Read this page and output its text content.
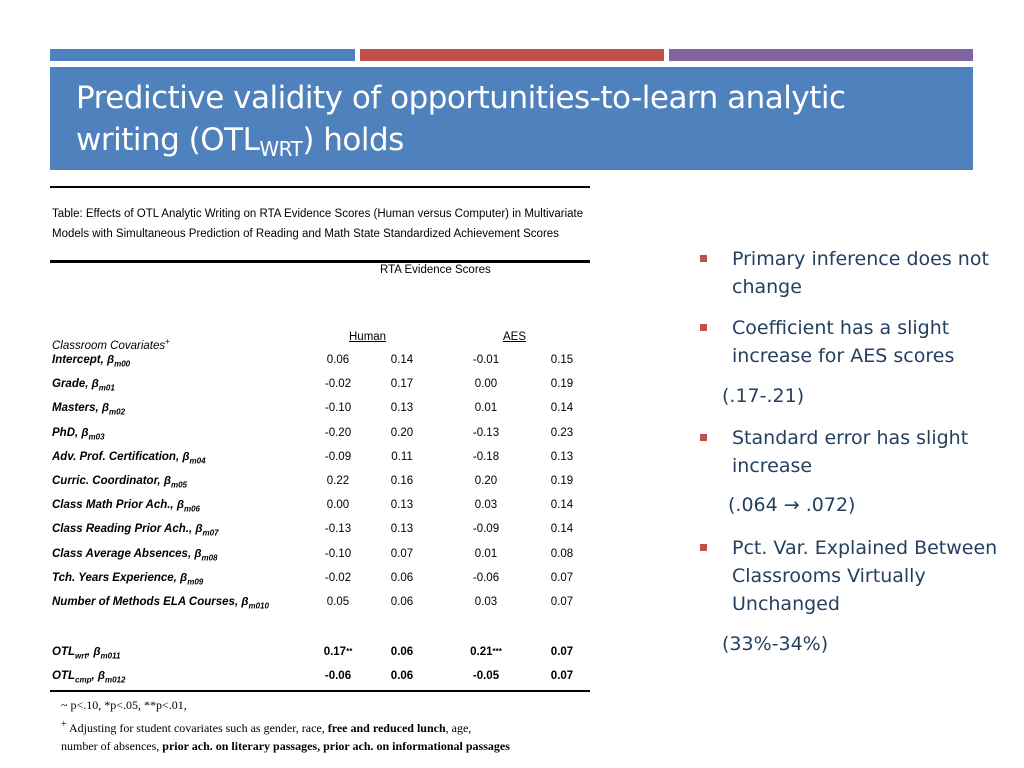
Predictive validity of opportunities-to-learn analytic writing $(OTL_{WRT})$ holds
Table: Effects of OTL Analytic Writing on RTA Evidence Scores (Human versus Computer) in Multivariate Models with Simultaneous Prediction of Reading and Math State Standardized Achievement Scores
RTA Evidence Scores
Human	AES
Classroom Covariates+
Intercept, $\beta_{m00}$	0.06	0.14	-0.01	0.15
Grade, $\beta_{m01}$	-0.02	0.17	0.00	0.19
Masters, $\beta_{m02}$	-0.10	0.13	0.01	0.14
PhD, $\beta_{m03}$	-0.20	0.20	-0.13	0.23
Adv. Prof. Certification, $\beta_{m04}$	-0.09	0.11	-0.18	0.13
Curric. Coordinator, $\beta_{m05}$	0.22	0.16	0.20	0.19
Class Math Prior Ach., $\beta_{m06}$	0.00	0.13	0.03	0.14
Class Reading Prior Ach., $\beta_{m07}$	-0.13	0.13	-0.09	0.14
Class Average Absences, $\beta_{m08}$	-0.10	0.07	0.01	0.08
Tch. Years Experience, $\beta_{m09}$	-0.02	0.06	-0.06	0.07
Number of Methods ELA Courses, $\beta_{m010}$	0.05	0.06	0.03	0.07
$OTL_{wrt}$, $\beta_{m011}$	0.17**	0.06	0.21***	0.07
$OTL_{cmp}$, $\beta_{m012}$	-0.06	0.06	-0.05	0.07
~ p<.10, *p<.05, **p<.01,
+ Adjusting for student covariates such as gender, race, free and reduced lunch, age,
number of absences, prior ach. on literary passages, prior ach. on informational passages
Primary inference does not change
Coefficient has a slight increase for AES scores
(.17-.21)
Standard error has slight increase
(.064 → .072)
Pct. Var. Explained Between Classrooms Virtually Unchanged
(33%-34%)
